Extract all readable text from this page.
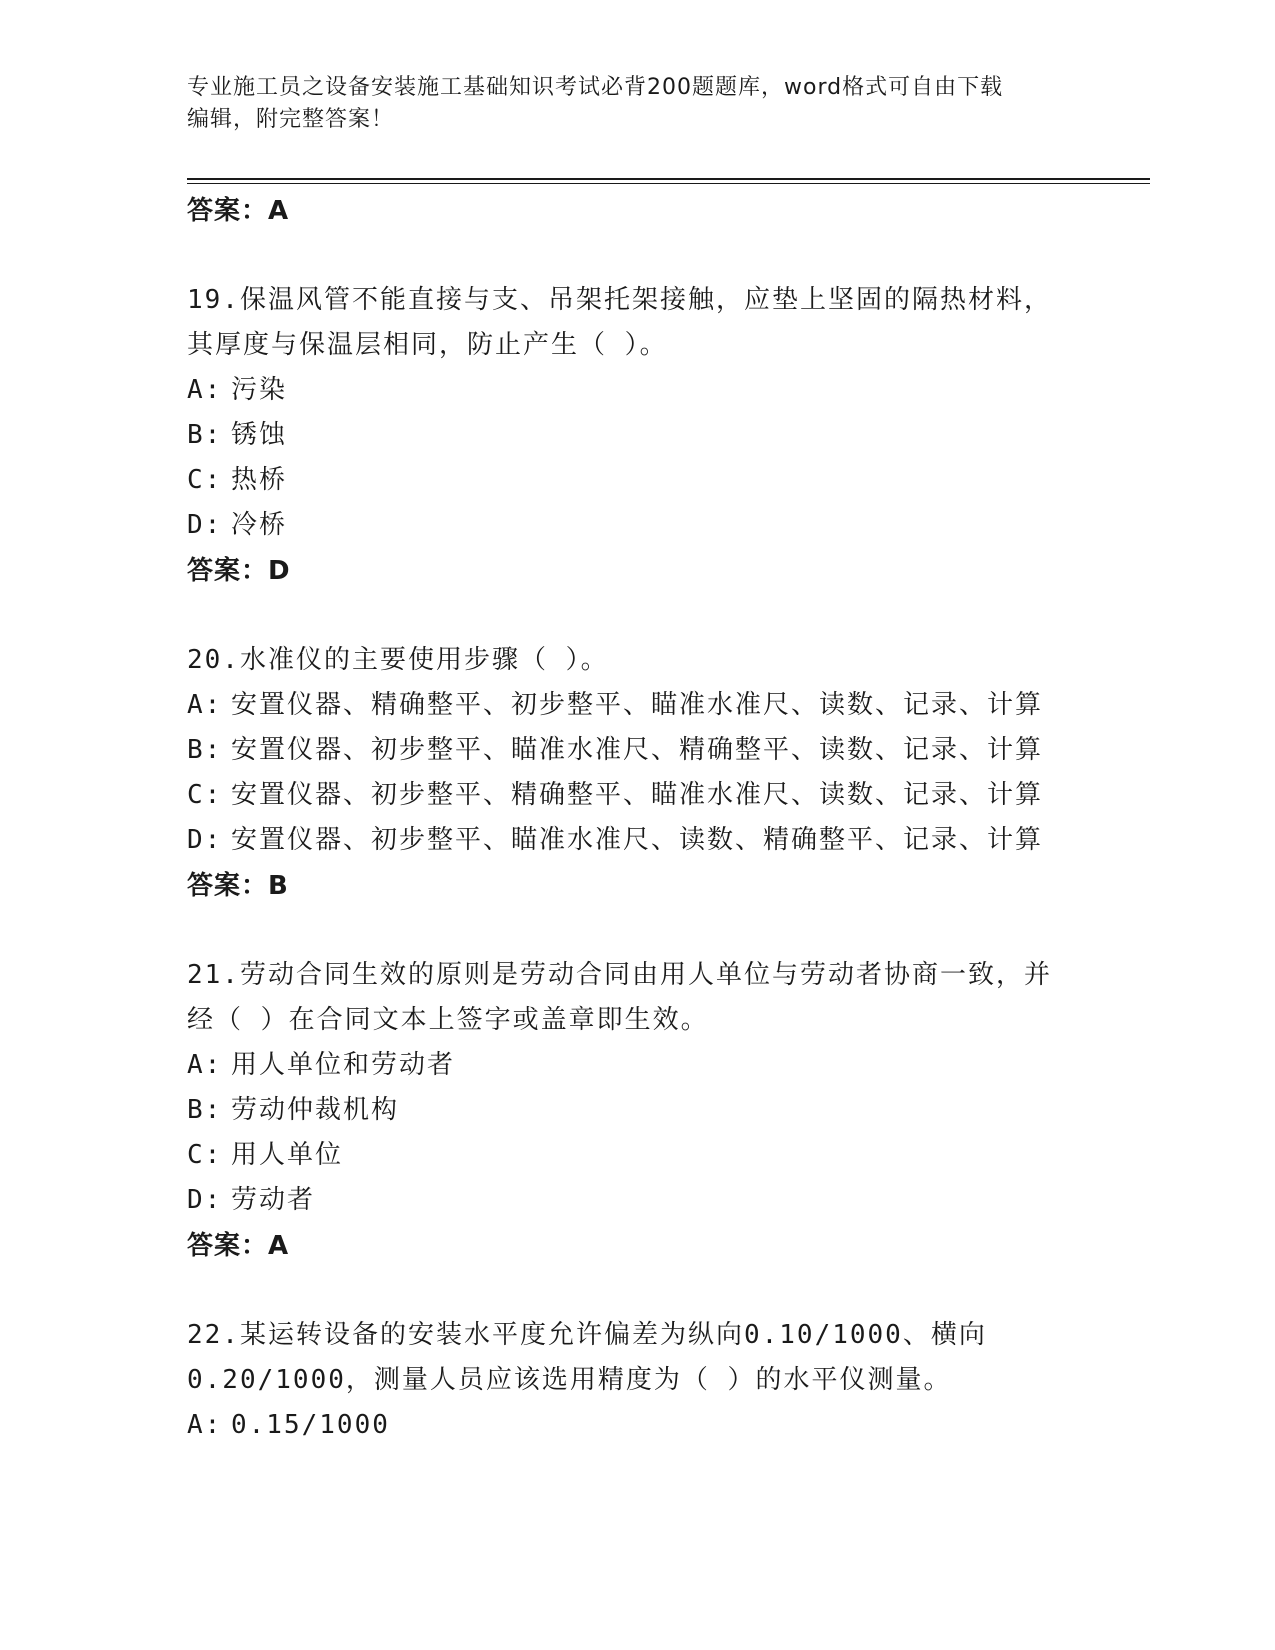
专业施工员之设备安装施工基础知识考试必背200题题库，word格式可自由下载
编辑，附完整答案！
答案：A
19.保温风管不能直接与支、吊架托架接触，应垫上坚固的隔热材料，
其厚度与保温层相同，防止产生（ ）。
A: 污染
B: 锈蚀
C: 热桥
D: 冷桥
答案：D
20.水准仪的主要使用步骤（ ）。
A: 安置仪器、精确整平、初步整平、瞄准水准尺、读数、记录、计算
B: 安置仪器、初步整平、瞄准水准尺、精确整平、读数、记录、计算
C: 安置仪器、初步整平、精确整平、瞄准水准尺、读数、记录、计算
D: 安置仪器、初步整平、瞄准水准尺、读数、精确整平、记录、计算
答案：B
21.劳动合同生效的原则是劳动合同由用人单位与劳动者协商一致，并
经（ ）在合同文本上签字或盖章即生效。
A: 用人单位和劳动者
B: 劳动仲裁机构
C: 用人单位
D: 劳动者
答案：A
22.某运转设备的安装水平度允许偏差为纵向0.10/1000、横向
0.20/1000，测量人员应该选用精度为（ ）的水平仪测量。
A: 0.15/1000
